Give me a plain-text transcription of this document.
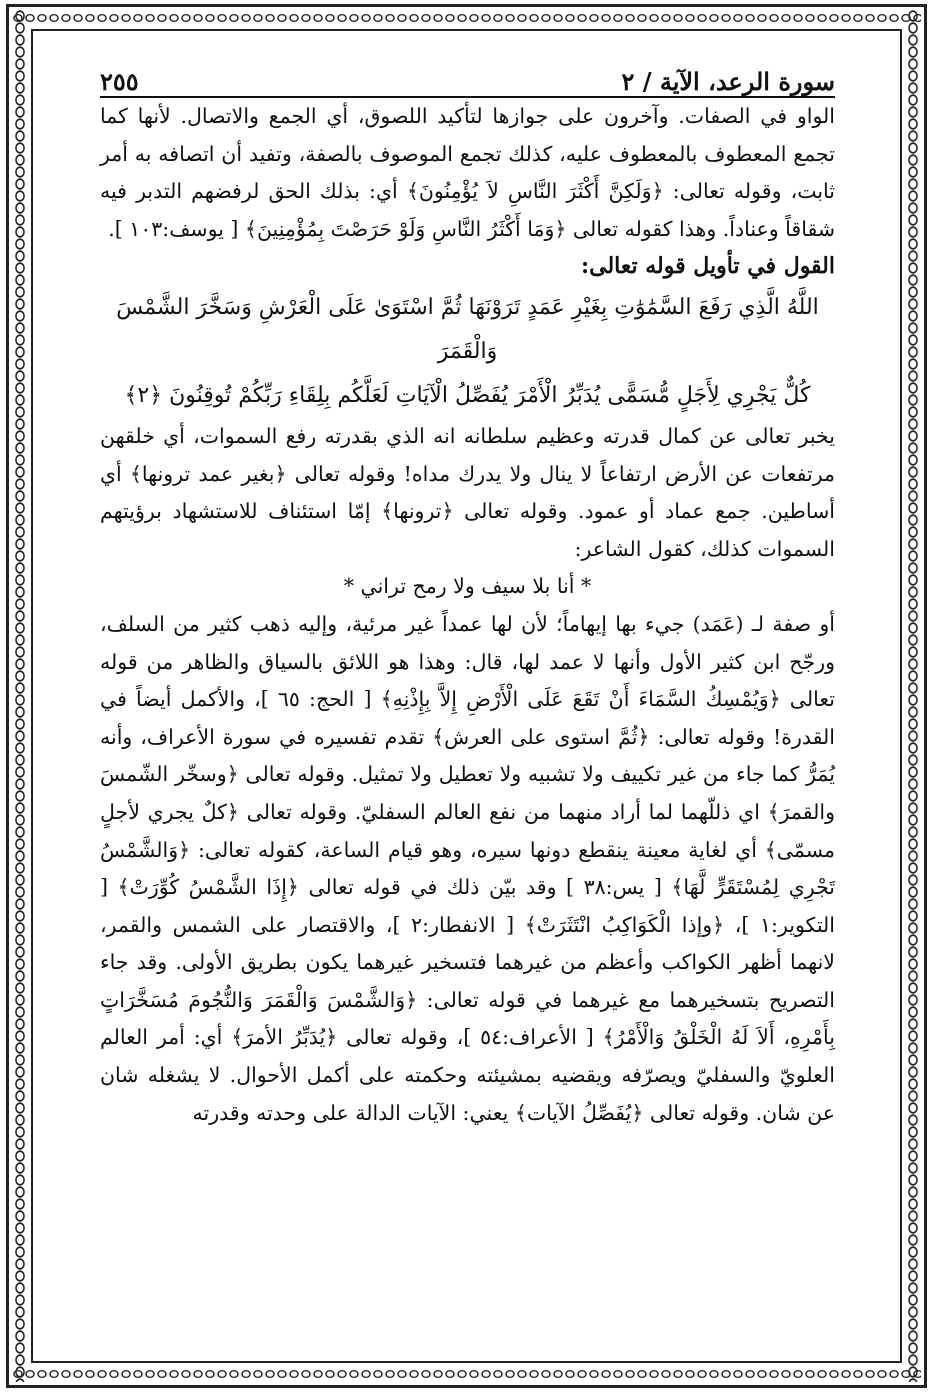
سورة الرعد، الآية / ٢
٢٥٥

الواو في الصفات. وآخرون على جوازها لتأكيد اللصوق، أي الجمع والاتصال. لأنها كما تجمع المعطوف بالمعطوف عليه، كذلك تجمع الموصوف بالصفة، وتفيد أن اتصافه به أمر ثابت، وقوله تعالى: ﴿وَلَكِنَّ أَكْثَرَ النَّاسِ لاَ يُؤْمِنُونَ﴾ أي: بذلك الحق لرفضهم التدبر فيه شقاقاً وعناداً. وهذا كقوله تعالى ﴿وَمَا أَكْثَرُ النَّاسِ وَلَوْ حَرَصْتَ بِمُؤْمِنِينَ﴾ [ يوسف:١٠٣ ].

القول في تأويل قوله تعالى:

اللَّهُ الَّذِي رَفَعَ السَّمَٰوَٰتِ بِغَيْرِ عَمَدٍ تَرَوْنَهَا ثُمَّ اسْتَوَىٰ عَلَى الْعَرْشِ وَسَخَّرَ الشَّمْسَ وَالْقَمَرَ

كُلٌّ يَجْرِي لِأَجَلٍ مُّسَمًّى يُدَبِّرُ الْأَمْرَ يُفَصِّلُ الْآيَاتِ لَعَلَّكُم بِلِقَاءِ رَبِّكُمْ تُوقِنُونَ ﴿٢﴾

يخبر تعالى عن كمال قدرته وعظيم سلطانه انه الذي بقدرته رفع السموات، أي خلقهن مرتفعات عن الأرض ارتفاعاً لا ينال ولا يدرك مداه! وقوله تعالى ﴿بغير عمد ترونها﴾ أي أساطين. جمع عماد أو عمود. وقوله تعالى ﴿ترونها﴾ إمّا استئناف للاستشهاد برؤيتهم السموات كذلك، كقول الشاعر:

* أنا بلا سيف ولا رمح تراني *

أو صفة لـ (عَمَد) جيء بها إيهاماً؛ لأن لها عمداً غير مرئية، وإليه ذهب كثير من السلف، ورجّح ابن كثير الأول وأنها لا عمد لها، قال: وهذا هو اللائق بالسياق والظاهر من قوله تعالى ﴿وَيُمْسِكُ السَّمَاءَ أَنْ تَقَعَ عَلَى الْأَرْضِ إِلاَّ بِإِذْنِهِ﴾ [ الحج: ٦٥ ]، والأكمل أيضاً في القدرة! وقوله تعالى: ﴿ثُمَّ استوى على العرش﴾ تقدم تفسيره في سورة الأعراف، وأنه يُمَرُّ كما جاء من غير تكييف ولا تشبيه ولا تعطيل ولا تمثيل. وقوله تعالى ﴿وسخّر الشّمسَ والقمرَ﴾ اي ذللّهما لما أراد منهما من نفع العالم السفليّ. وقوله تعالى ﴿كلٌ يجري لأجلٍ مسمّى﴾ أي لغاية معينة ينقطع دونها سيره، وهو قيام الساعة، كقوله تعالى: ﴿وَالشَّمْسُ تَجْرِي لِمُسْتَقَرٍّ لَّهَا﴾ [ يس:٣٨ ] وقد بيّن ذلك في قوله تعالى ﴿إِذَا الشَّمْسُ كُوِّرَتْ﴾ [ التكوير:١ ]، ﴿وإذا الْكَوَاكِبُ انْتَثَرَتْ﴾ [ الانفطار:٢ ]، والاقتصار على الشمس والقمر، لانهما أظهر الكواكب وأعظم من غيرهما فتسخير غيرهما يكون بطريق الأولى. وقد جاء التصريح بتسخيرهما مع غيرهما في قوله تعالى: ﴿وَالشَّمْسَ وَالْقَمَرَ وَالنُّجُومَ مُسَخَّرَاتٍ بِأَمْرِهِ، أَلاَ لَهُ الْخَلْقُ وَالْأَمْرُ﴾ [ الأعراف:٥٤ ]، وقوله تعالى ﴿يُدَبِّرُ الأمرَ﴾ أي: أمر العالم العلويّ والسفليّ ويصرّفه ويقضيه بمشيئته وحكمته على أكمل الأحوال. لا يشغله شان عن شان. وقوله تعالى ﴿يُفَصِّلُ الآيات﴾ يعني: الآيات الدالة على وحدته وقدرته
